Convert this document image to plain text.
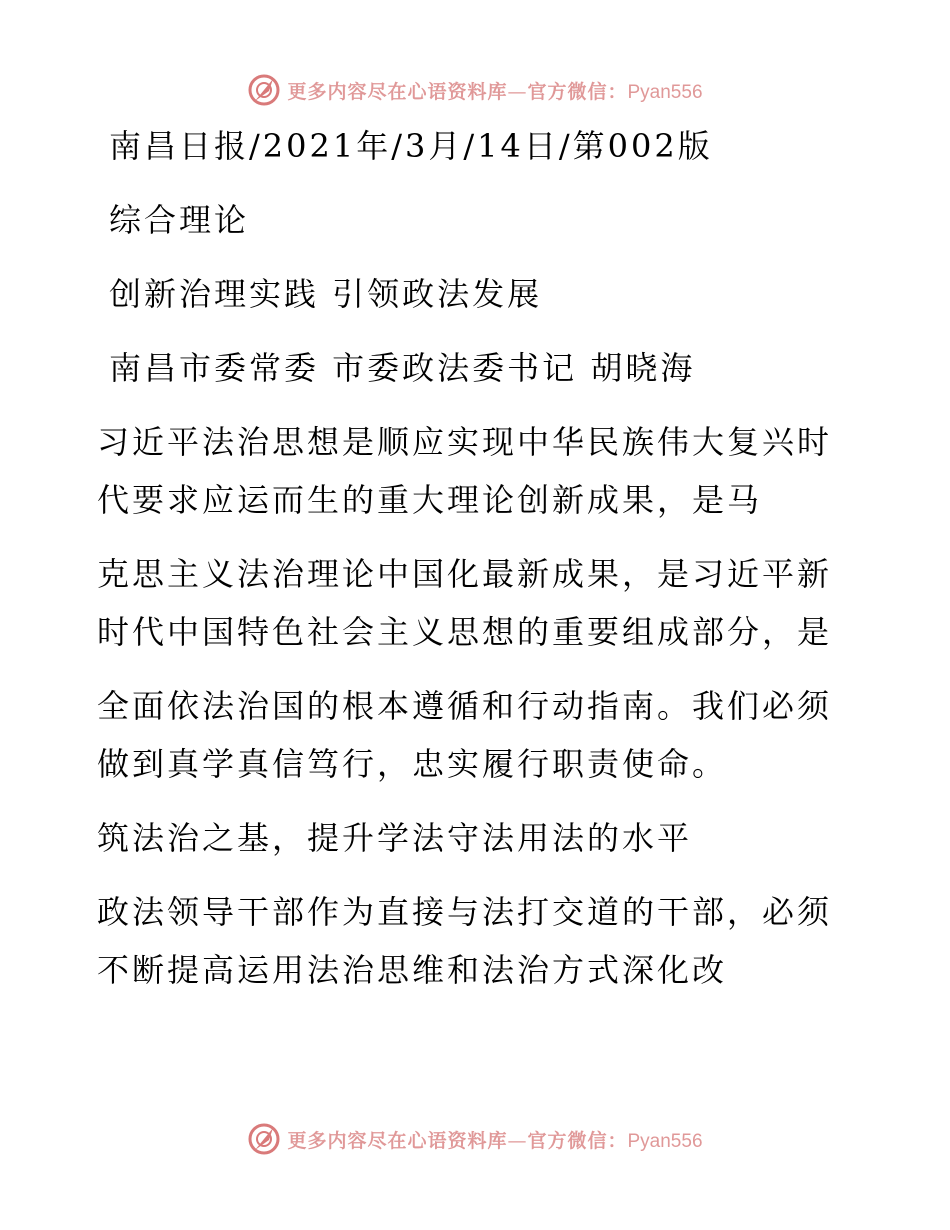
更多内容尽在心语资料库—官方微信：Pyan556
南昌日报/2021年/3月/14日/第002版
综合理论
创新治理实践 引领政法发展
南昌市委常委 市委政法委书记 胡晓海
习近平法治思想是顺应实现中华民族伟大复兴时
代要求应运而生的重大理论创新成果，是马
克思主义法治理论中国化最新成果，是习近平新
时代中国特色社会主义思想的重要组成部分，是
全面依法治国的根本遵循和行动指南。我们必须
做到真学真信笃行，忠实履行职责使命。
筑法治之基，提升学法守法用法的水平
政法领导干部作为直接与法打交道的干部，必须
不断提高运用法治思维和法治方式深化改
更多内容尽在心语资料库—官方微信：Pyan556
